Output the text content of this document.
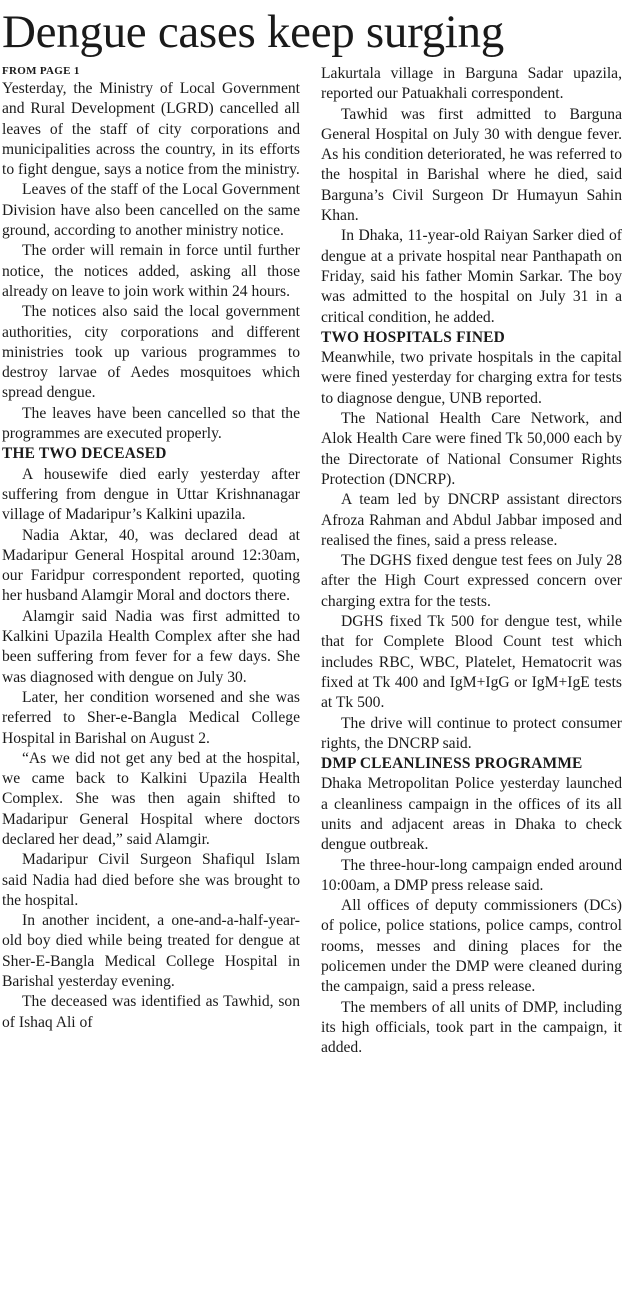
Dengue cases keep surging
FROM PAGE 1

Yesterday, the Ministry of Local Government and Rural Development (LGRD) cancelled all leaves of the staff of city corporations and municipalities across the country, in its efforts to fight dengue, says a notice from the ministry.

Leaves of the staff of the Local Government Division have also been cancelled on the same ground, according to another ministry notice.

The order will remain in force until further notice, the notices added, asking all those already on leave to join work within 24 hours.

The notices also said the local government authorities, city corporations and different ministries took up various programmes to destroy larvae of Aedes mosquitoes which spread dengue.

The leaves have been cancelled so that the programmes are executed properly.

THE TWO DECEASED

A housewife died early yesterday after suffering from dengue in Uttar Krishnanagar village of Madaripur’s Kalkini upazila.

Nadia Aktar, 40, was declared dead at Madaripur General Hospital around 12:30am, our Faridpur correspondent reported, quoting her husband Alamgir Moral and doctors there.

Alamgir said Nadia was first admitted to Kalkini Upazila Health Complex after she had been suffering from fever for a few days. She was diagnosed with dengue on July 30.

Later, her condition worsened and she was referred to Sher-e-Bangla Medical College Hospital in Barishal on August 2.

“As we did not get any bed at the hospital, we came back to Kalkini Upazila Health Complex. She was then again shifted to Madaripur General Hospital where doctors declared her dead,” said Alamgir.

Madaripur Civil Surgeon Shafiqul Islam said Nadia had died before she was brought to the hospital.

In another incident, a one-and-a-half-year-old boy died while being treated for dengue at Sher-E-Bangla Medical College Hospital in Barishal yesterday evening.

The deceased was identified as Tawhid, son of Ishaq Ali of

Lakurtala village in Barguna Sadar upazila, reported our Patuakhali correspondent.

Tawhid was first admitted to Barguna General Hospital on July 30 with dengue fever. As his condition deteriorated, he was referred to the hospital in Barishal where he died, said Barguna’s Civil Surgeon Dr Humayun Sahin Khan.

In Dhaka, 11-year-old Raiyan Sarker died of dengue at a private hospital near Panthapath on Friday, said his father Momin Sarkar. The boy was admitted to the hospital on July 31 in a critical condition, he added.

TWO HOSPITALS FINED

Meanwhile, two private hospitals in the capital were fined yesterday for charging extra for tests to diagnose dengue, UNB reported.

The National Health Care Network, and Alok Health Care were fined Tk 50,000 each by the Directorate of National Consumer Rights Protection (DNCRP).

A team led by DNCRP assistant directors Afroza Rahman and Abdul Jabbar imposed and realised the fines, said a press release.

The DGHS fixed dengue test fees on July 28 after the High Court expressed concern over charging extra for the tests.

DGHS fixed Tk 500 for dengue test, while that for Complete Blood Count test which includes RBC, WBC, Platelet, Hematocrit was fixed at Tk 400 and IgM+IgG or IgM+IgE tests at Tk 500.

The drive will continue to protect consumer rights, the DNCRP said.

DMP CLEANLINESS PROGRAMME

Dhaka Metropolitan Police yesterday launched a cleanliness campaign in the offices of its all units and adjacent areas in Dhaka to check dengue outbreak.

The three-hour-long campaign ended around 10:00am, a DMP press release said.

All offices of deputy commissioners (DCs) of police, police stations, police camps, control rooms, messes and dining places for the policemen under the DMP were cleaned during the campaign, said a press release.

The members of all units of DMP, including its high officials, took part in the campaign, it added.
